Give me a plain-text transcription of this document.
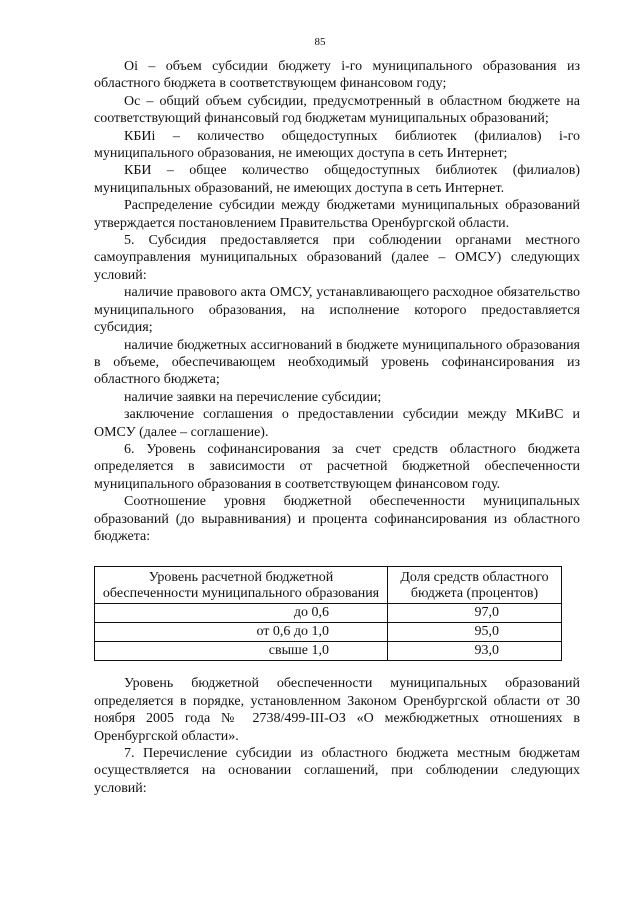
85

Oi – объем субсидии бюджету i-го муниципального образования из областного бюджета в соответствующем финансовом году;

Ос – общий объем субсидии, предусмотренный в областном бюджете на соответствующий финансовый год бюджетам муниципальных образований;

КБИi – количество общедоступных библиотек (филиалов) i-го муниципального образования, не имеющих доступа в сеть Интернет;

КБИ – общее количество общедоступных библиотек (филиалов) муниципальных образований, не имеющих доступа в сеть Интернет.

Распределение субсидии между бюджетами муниципальных образований утверждается постановлением Правительства Оренбургской области.

5. Субсидия предоставляется при соблюдении органами местного самоуправления муниципальных образований (далее – ОМСУ) следующих условий:

наличие правового акта ОМСУ, устанавливающего расходное обязательство муниципального образования, на исполнение которого предоставляется субсидия;

наличие бюджетных ассигнований в бюджете муниципального образования в объеме, обеспечивающем необходимый уровень софинансирования из областного бюджета;

наличие заявки на перечисление субсидии;

заключение соглашения о предоставлении субсидии между МКиВС и ОМСУ (далее – соглашение).

6. Уровень софинансирования за счет средств областного бюджета определяется в зависимости от расчетной бюджетной обеспеченности муниципального образования в соответствующем финансовом году.

Соотношение уровня бюджетной обеспеченности муниципальных образований (до выравнивания) и процента софинансирования из областного бюджета:

Уровень расчетной бюджетной обеспеченности муниципального образования	Доля средств областного бюджета (процентов)
до 0,6	97,0
от 0,6 до 1,0	95,0
свыше 1,0	93,0

Уровень бюджетной обеспеченности муниципальных образований определяется в порядке, установленном Законом Оренбургской области от 30 ноября 2005 года № 2738/499-III-ОЗ «О межбюджетных отношениях в Оренбургской области».

7. Перечисление субсидии из областного бюджета местным бюджетам осуществляется на основании соглашений, при соблюдении следующих условий:
